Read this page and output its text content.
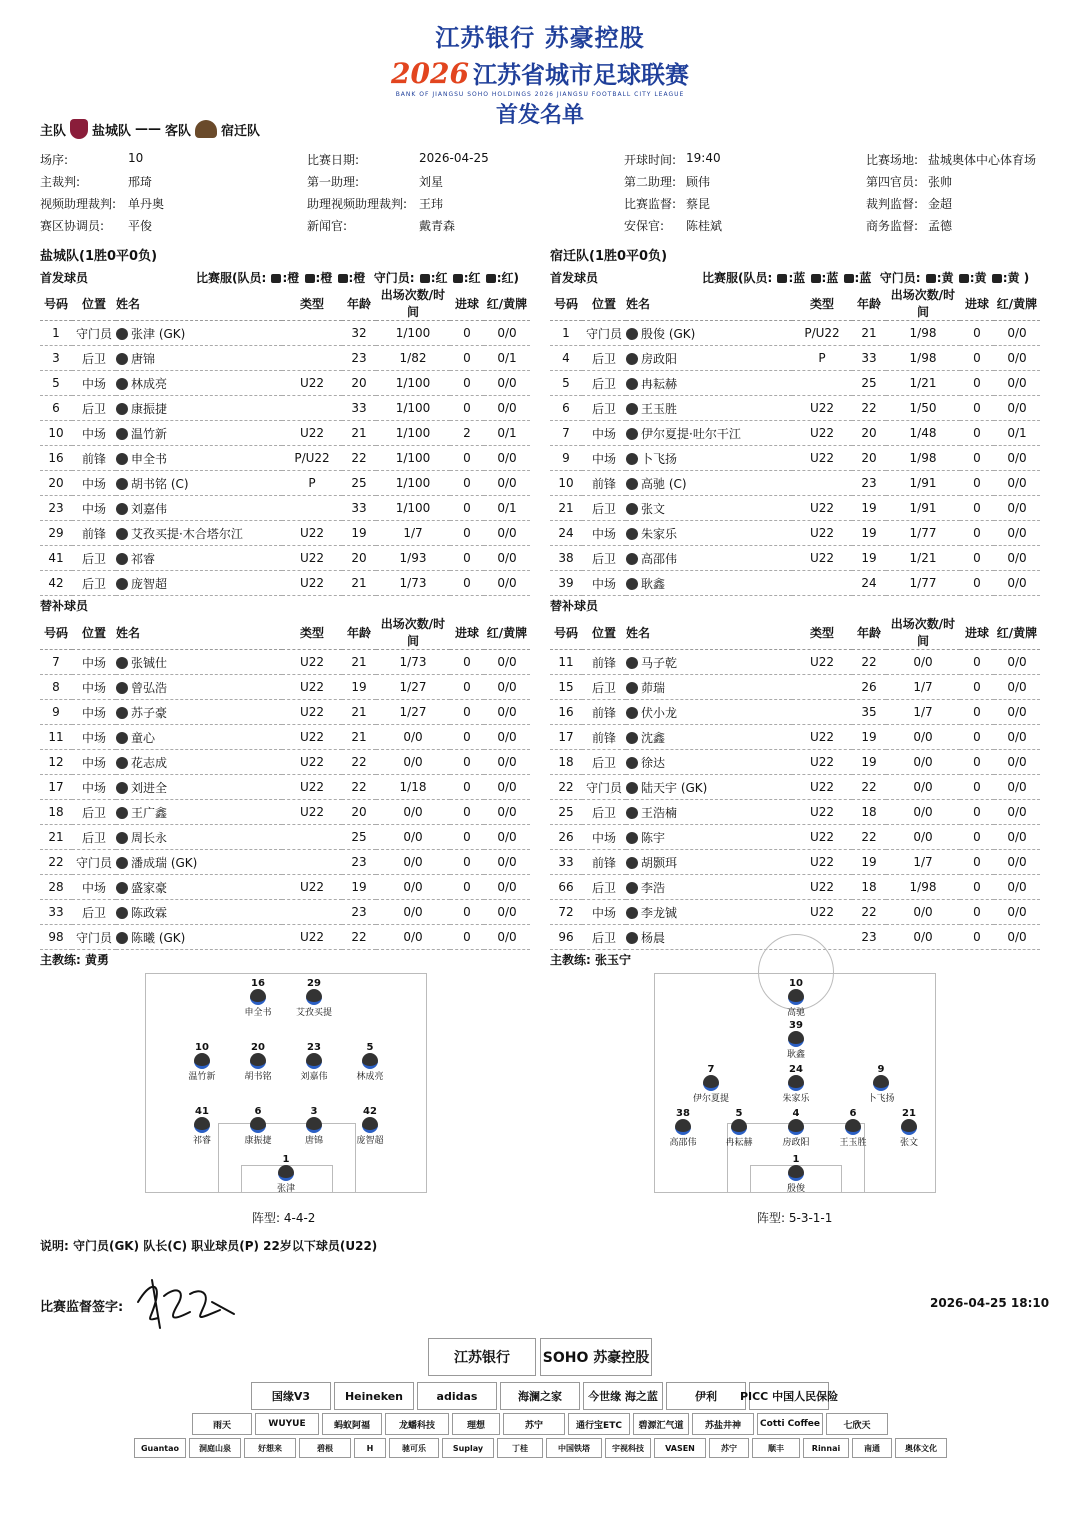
江苏银行 苏豪控股
2026 江苏省城市足球联赛
BANK OF JIANGSU SOHO HOLDINGS 2026 JIANGSU FOOTBALL CITY LEAGUE
首发名单
主队 盐城队 —— 客队 宿迁队
场序:	10	比赛日期:	2026-04-25	开球时间: 19:40	比赛场地: 盐城奥体中心体育场
主裁判:	邢琦	第一助理:	刘星	第二助理: 顾伟	第四官员: 张帅
视频助理裁判: 单丹奥	助理视频助理裁判: 王玮	比赛监督: 蔡昆	裁判监督: 金超
赛区协调员: 平俊	新闻官:	戴青森	安保官: 陈桂斌	商务监督: 孟德
盐城队(1胜0平0负)
首发球员	比赛服(队员: :橙 :橙 :橙 守门员: :红 :红 :红)
号码	位置	姓名	类型	年龄	出场次数/时间	进球	红/黄牌
1	守门员	张津 (GK)		32	1/100	0	0/0
3	后卫	唐锦		23	1/82	0	0/1
5	中场	林成亮	U22	20	1/100	0	0/0
6	后卫	康振捷		33	1/100	0	0/0
10	中场	温竹新	U22	21	1/100	2	0/1
16	前锋	申全书	P/U22	22	1/100	0	0/0
20	中场	胡书铭 (C)	P	25	1/100	0	0/0
23	中场	刘嘉伟		33	1/100	0	0/1
29	前锋	艾孜买提·木合塔尔江	U22	19	1/7	0	0/0
41	后卫	祁睿	U22	20	1/93	0	0/0
42	后卫	庞智超	U22	21	1/73	0	0/0
替补球员
号码	位置	姓名	类型	年龄	出场次数/时间	进球	红/黄牌
7	中场	张铖仕	U22	21	1/73	0	0/0
8	中场	曾弘浩	U22	19	1/27	0	0/0
9	中场	苏子豪	U22	21	1/27	0	0/0
11	中场	童心	U22	21	0/0	0	0/0
12	中场	花志成	U22	22	0/0	0	0/0
17	中场	刘进全	U22	22	1/18	0	0/0
18	后卫	王广鑫	U22	20	0/0	0	0/0
21	后卫	周长永		25	0/0	0	0/0
22	守门员	潘成瑞 (GK)		23	0/0	0	0/0
28	中场	盛家豪	U22	19	0/0	0	0/0
33	后卫	陈政霖		23	0/0	0	0/0
98	守门员	陈曦 (GK)	U22	22	0/0	0	0/0
主教练: 黄勇
宿迁队(1胜0平0负)
首发球员	比赛服(队员: :蓝 :蓝 :蓝 守门员: :黄 :黄 :黄 )
号码	位置	姓名	类型	年龄	出场次数/时间	进球	红/黄牌
1	守门员	殷俊 (GK)	P/U22	21	1/98	0	0/0
4	后卫	房政阳	P	33	1/98	0	0/0
5	后卫	冉耘赫		25	1/21	0	0/0
6	后卫	王玉胜	U22	22	1/50	0	0/0
7	中场	伊尔夏提·吐尔干江	U22	20	1/48	0	0/1
9	中场	卜飞扬	U22	20	1/98	0	0/0
10	前锋	高驰 (C)		23	1/91	0	0/0
21	后卫	张文	U22	19	1/91	0	0/0
24	中场	朱家乐	U22	19	1/77	0	0/0
38	后卫	高邵伟	U22	19	1/21	0	0/0
39	中场	耿鑫		24	1/77	0	0/0
替补球员
号码	位置	姓名	类型	年龄	出场次数/时间	进球	红/黄牌
11	前锋	马子乾	U22	22	0/0	0	0/0
15	后卫	茆瑞		26	1/7	0	0/0
16	前锋	伏小龙		35	1/7	0	0/0
17	前锋	沈鑫	U22	19	0/0	0	0/0
18	后卫	徐达	U22	19	0/0	0	0/0
22	守门员	陆天宇 (GK)	U22	22	0/0	0	0/0
25	后卫	王浩楠	U22	18	0/0	0	0/0
26	中场	陈宇	U22	22	0/0	0	0/0
33	前锋	胡颢珥	U22	19	1/7	0	0/0
66	后卫	李浩	U22	18	1/98	0	0/0
72	中场	李龙铖	U22	22	0/0	0	0/0
96	后卫	杨晨		23	0/0	0	0/0
主教练: 张玉宁
16
申全书
29
艾孜买提
10
温竹新
20
胡书铭
23
刘嘉伟
5
林成亮
41
祁睿
6
康振捷
3
唐锦
42
庞智超
1
张津
阵型: 4-4-2
10
高驰
39
耿鑫
7
伊尔夏提
24
朱家乐
9
卜飞扬
38
高邵伟
5
冉耘赫
4
房政阳
6
王玉胜
21
张文
1
殷俊
阵型: 5-3-1-1
说明: 守门员(GK) 队长(C) 职业球员(P) 22岁以下球员(U22)
比赛监督签字:	2026-04-25 18:10
江苏银行	SOHO 苏豪控股
国缘V3	Heineken	adidas	海澜之家	今世缘 海之蓝	伊利	PICC 中国人民保险
雨天	WUYUE	蚂蚁阿福	龙蟠科技	理想	苏宁	通行宝ETC	碧源汇气道	苏盐井神	Cotti Coffee	七欣天
Guantao	洞庭山泉	好想来	碧根	H	驰可乐	Suplay	丁桂	中国铁塔	宇视科技	VASEN	苏宁	顺丰	Rinnai	南通	奥体文化
